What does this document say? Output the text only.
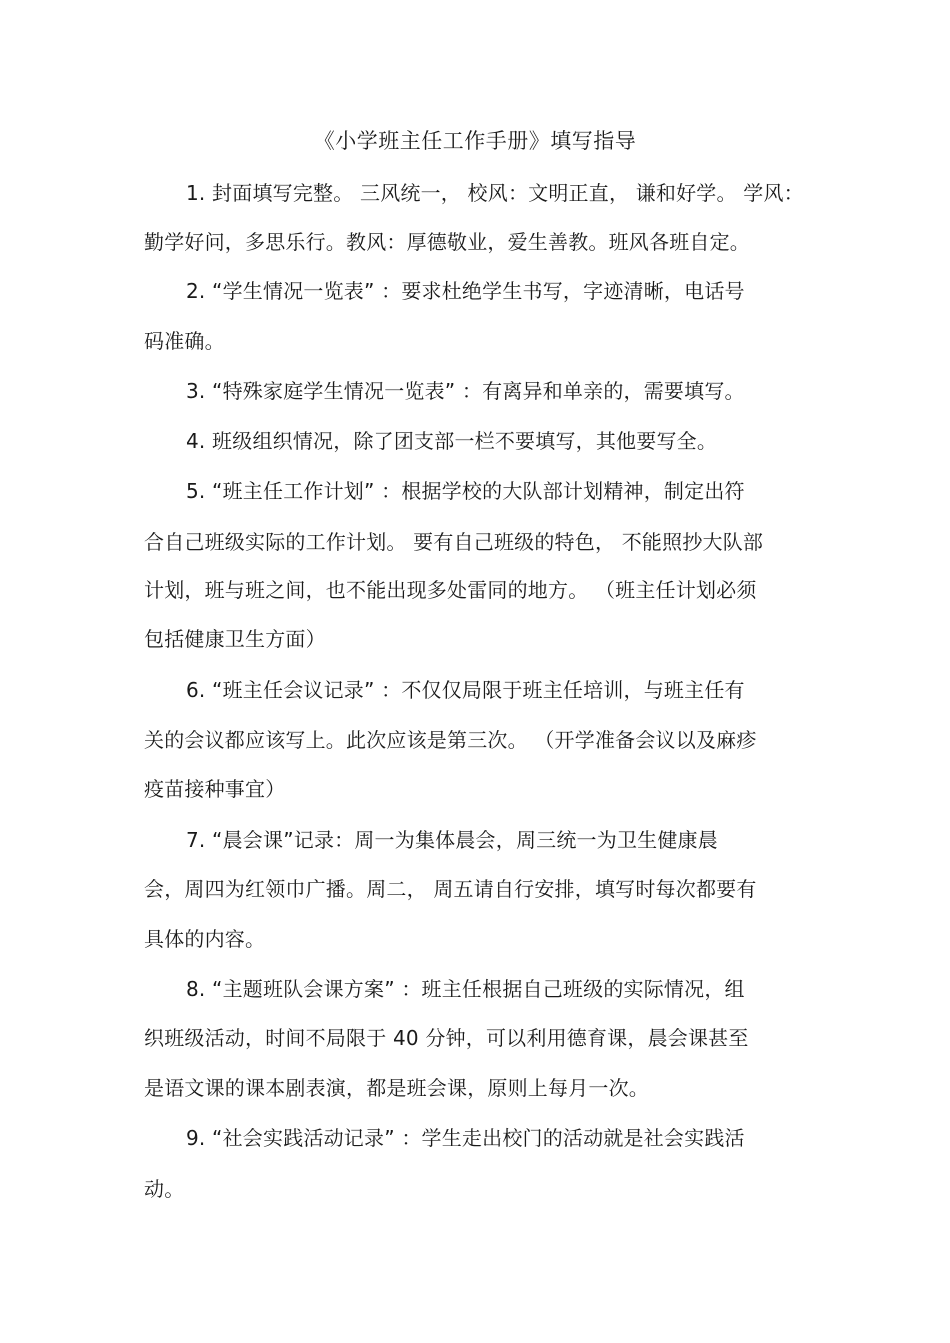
《小学班主任工作手册》填写指导
1. 封面填写完整。 三风统一， 校风：文明正直， 谦和好学。 学风：
勤学好问，多思乐行。教风：厚德敬业，爱生善教。班风各班自定。
2. “学生情况一览表” ：要求杜绝学生书写，字迹清晰，电话号
码准确。
3. “特殊家庭学生情况一览表” ：有离异和单亲的，需要填写。
4. 班级组织情况，除了团支部一栏不要填写，其他要写全。
5. “班主任工作计划” ：根据学校的大队部计划精神，制定出符
合自己班级实际的工作计划。 要有自己班级的特色， 不能照抄大队部
计划，班与班之间，也不能出现多处雷同的地方。 （班主任计划必须
包括健康卫生方面）
6. “班主任会议记录” ：不仅仅局限于班主任培训，与班主任有
关的会议都应该写上。此次应该是第三次。 （开学准备会议以及麻疹
疫苗接种事宜）
7. “晨会课”记录：周一为集体晨会，周三统一为卫生健康晨
会，周四为红领巾广播。周二， 周五请自行安排，填写时每次都要有
具体的内容。
8. “主题班队会课方案” ：班主任根据自己班级的实际情况，组
织班级活动，时间不局限于 40 分钟，可以利用德育课，晨会课甚至
是语文课的课本剧表演，都是班会课，原则上每月一次。
9. “社会实践活动记录” ：学生走出校门的活动就是社会实践活
动。
